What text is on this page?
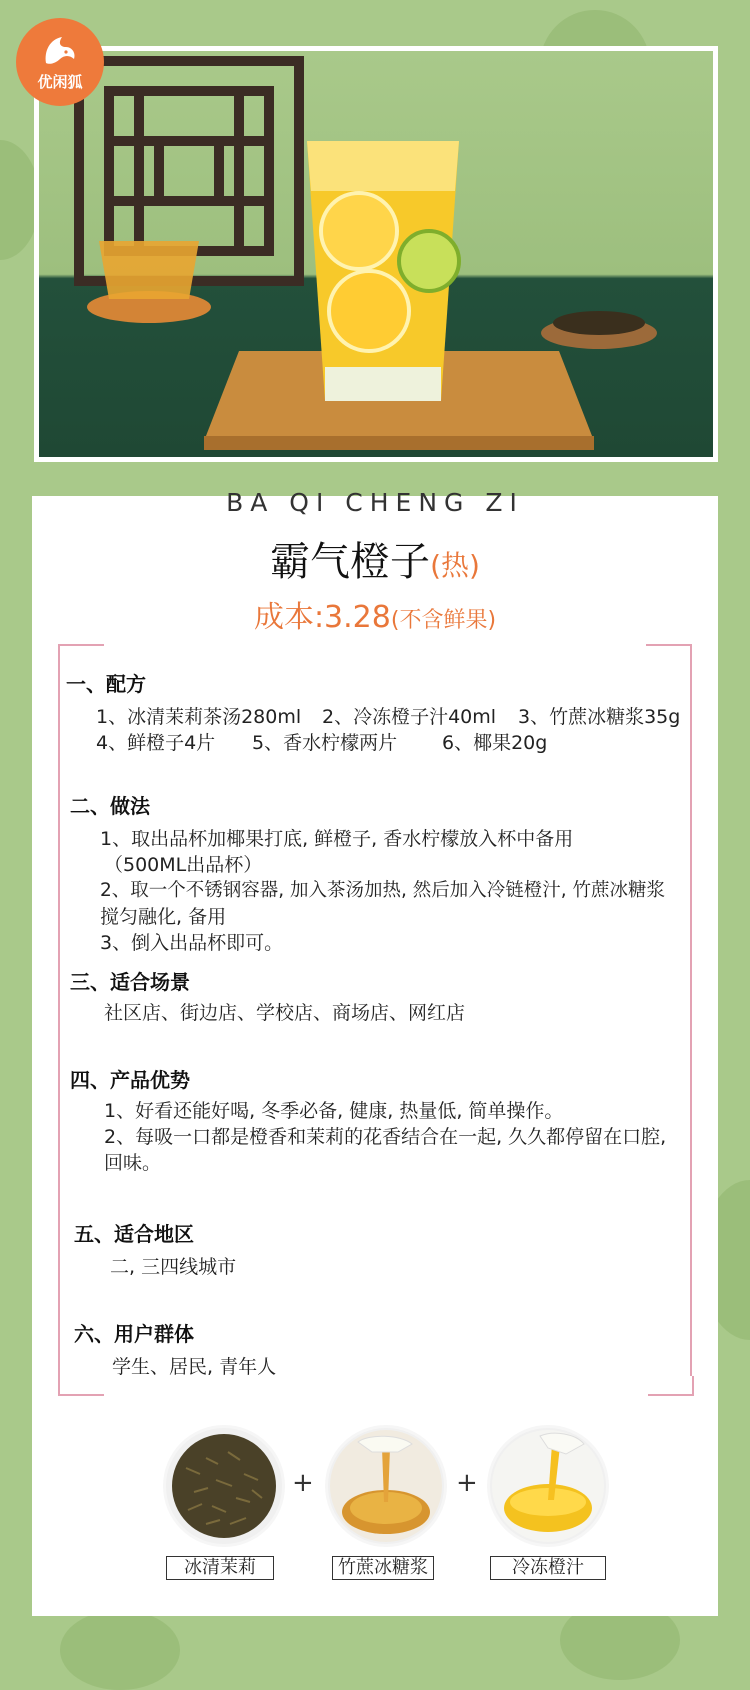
优闲狐
BA QI CHENG ZI
霸气橙子(热)
成本:3.28(不含鲜果)
一、配方
1、冰清茉莉茶汤280ml 2、冷冻橙子汁40ml 3、竹蔗冰糖浆35g
4、鲜橙子4片 5、香水柠檬两片 6、椰果20g
二、做法
1、取出品杯加椰果打底, 鲜橙子, 香水柠檬放入杯中备用
（500ML出品杯）
2、取一个不锈钢容器, 加入茶汤加热, 然后加入冷链橙汁, 竹蔗冰糖浆
搅匀融化, 备用
3、倒入出品杯即可。
三、适合场景
社区店、街边店、学校店、商场店、网红店
四、产品优势
1、好看还能好喝, 冬季必备, 健康, 热量低, 简单操作。
2、每吸一口都是橙香和茉莉的花香结合在一起, 久久都停留在口腔,
回味。
五、适合地区
二, 三四线城市
六、用户群体
学生、居民, 青年人
+	+
冰清茉莉	竹蔗冰糖浆	冷冻橙汁
